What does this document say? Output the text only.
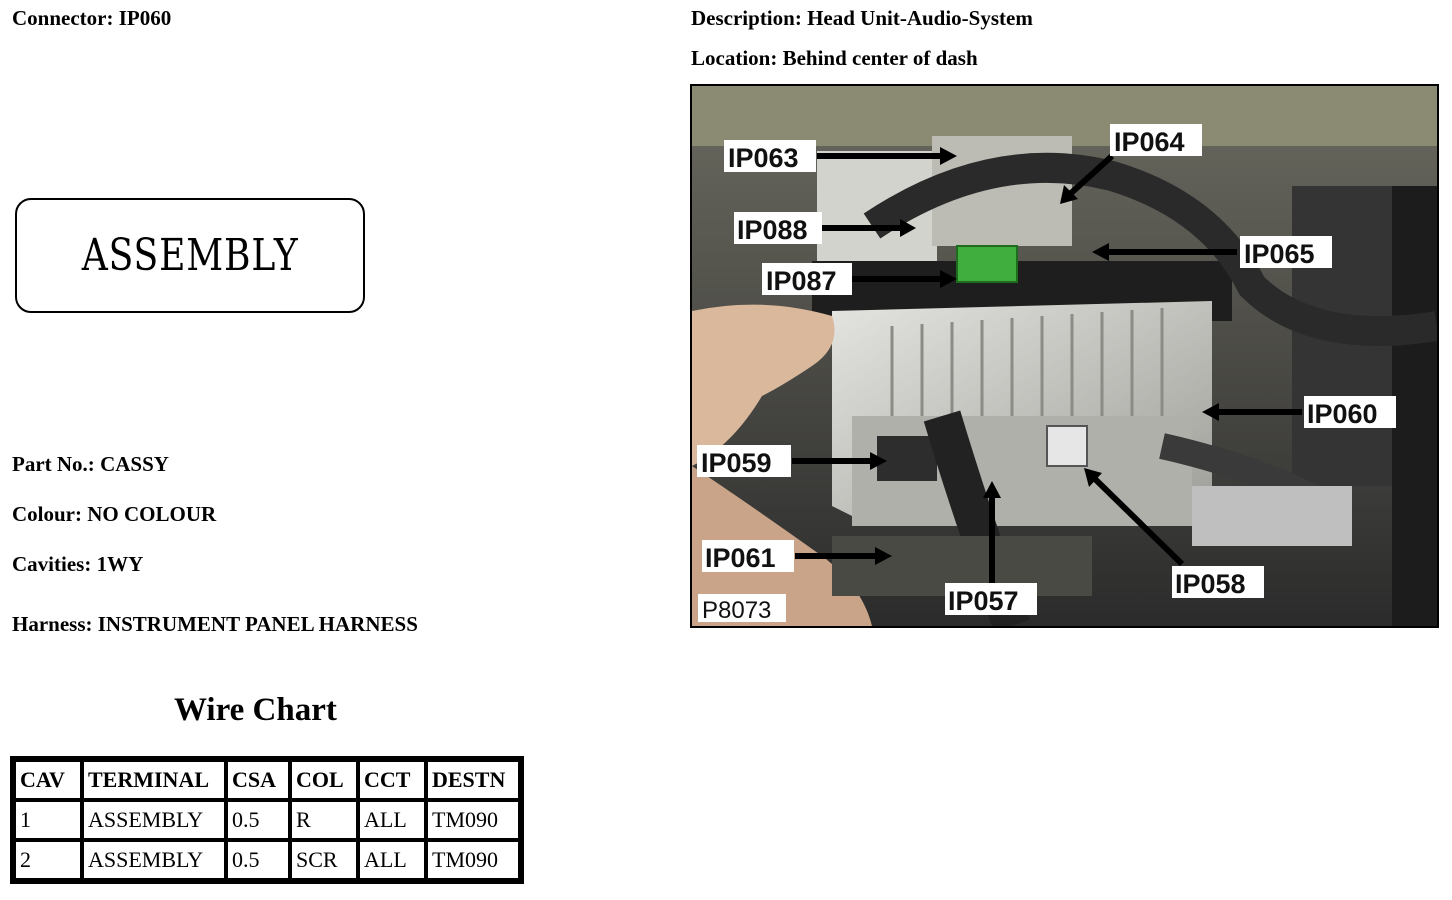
Connector: IP060	Description: Head Unit-Audio-System
Location: Behind center of dash
ASSEMBLY
Part No.: CASSY
Colour: NO COLOUR
Cavities: 1WY
Harness: INSTRUMENT PANEL HARNESS
Wire Chart
CAV	TERMINAL	CSA	COL	CCT	DESTN
1	ASSEMBLY	0.5	R	ALL	TM090
2	ASSEMBLY	0.5	SCR	ALL	TM090
IP063
IP064
IP088
IP065
IP087
IP060
IP059
IP061
IP057
IP058
P8073
